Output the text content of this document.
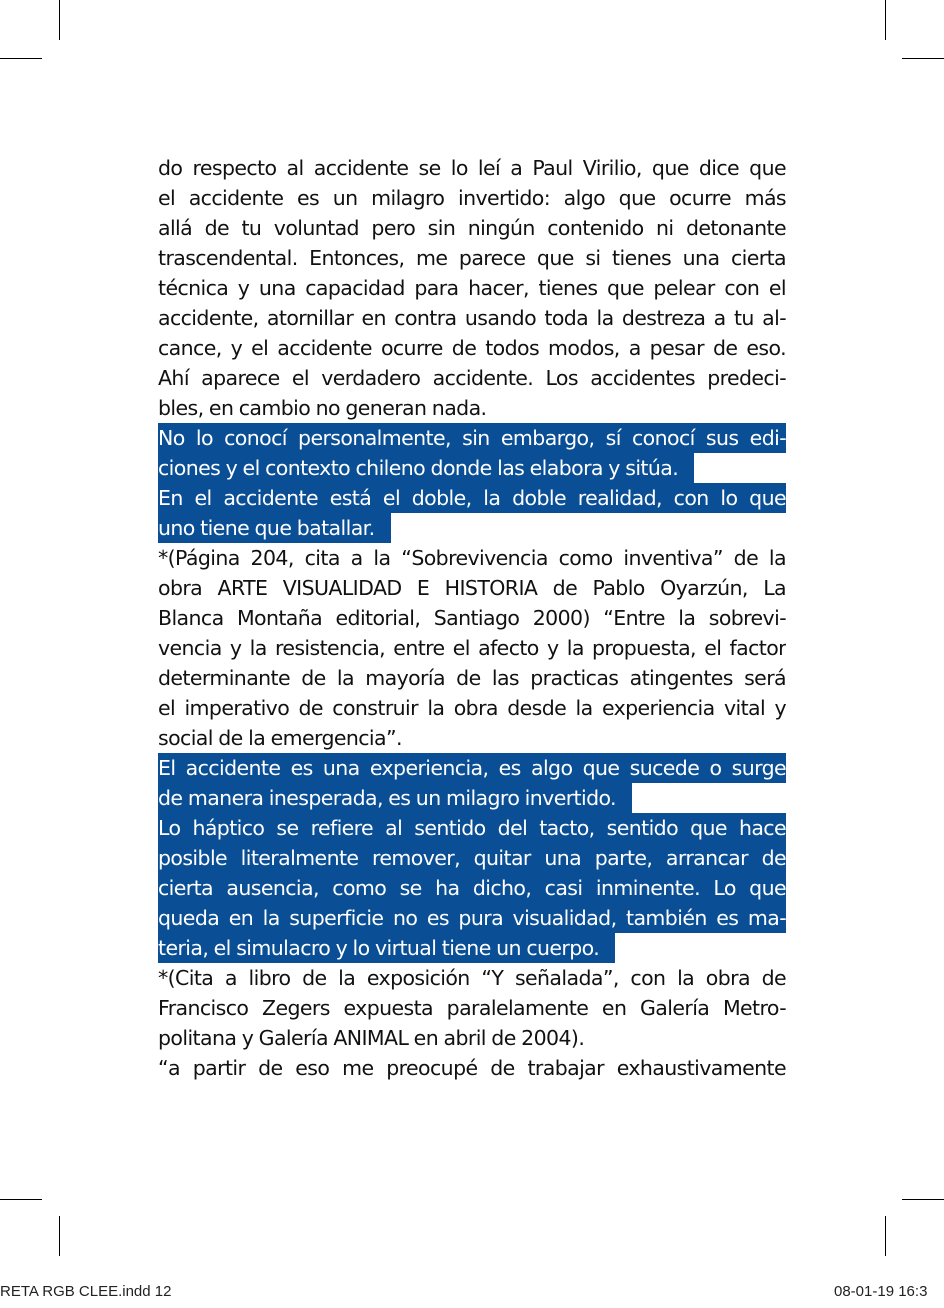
do respecto al accidente se lo leí a Paul Virilio, que dice que
el accidente es un milagro invertido: algo que ocurre más
allá de tu voluntad pero sin ningún contenido ni detonante
trascendental. Entonces, me parece que si tienes una cierta
técnica y una capacidad para hacer, tienes que pelear con el
accidente, atornillar en contra usando toda la destreza a tu al-
cance, y el accidente ocurre de todos modos, a pesar de eso.
Ahí aparece el verdadero accidente. Los accidentes predeci-
bles, en cambio no generan nada.
No lo conocí personalmente, sin embargo, sí conocí sus edi-
ciones y el contexto chileno donde las elabora y sitúa.
En el accidente está el doble, la doble realidad, con lo que
uno tiene que batallar.
*(Página 204, cita a la “Sobrevivencia como inventiva” de la
obra ARTE VISUALIDAD E HISTORIA de Pablo Oyarzún, La
Blanca Montaña editorial, Santiago 2000) “Entre la sobrevi-
vencia y la resistencia, entre el afecto y la propuesta, el factor
determinante de la mayoría de las practicas atingentes será
el imperativo de construir la obra desde la experiencia vital y
social de la emergencia”.
El accidente es una experiencia, es algo que sucede o surge
de manera inesperada, es un milagro invertido.
Lo háptico se refiere al sentido del tacto, sentido que hace
posible literalmente remover, quitar una parte, arrancar de
cierta ausencia, como se ha dicho, casi inminente. Lo que
queda en la superficie no es pura visualidad, también es ma-
teria, el simulacro y lo virtual tiene un cuerpo.
*(Cita a libro de la exposición “Y señalada”, con la obra de
Francisco Zegers expuesta paralelamente en Galería Metro-
politana y Galería ANIMAL en abril de 2004).
“a partir de eso me preocupé de trabajar exhaustivamente
RETA RGB CLEE.indd 12	08-01-19 16:3
